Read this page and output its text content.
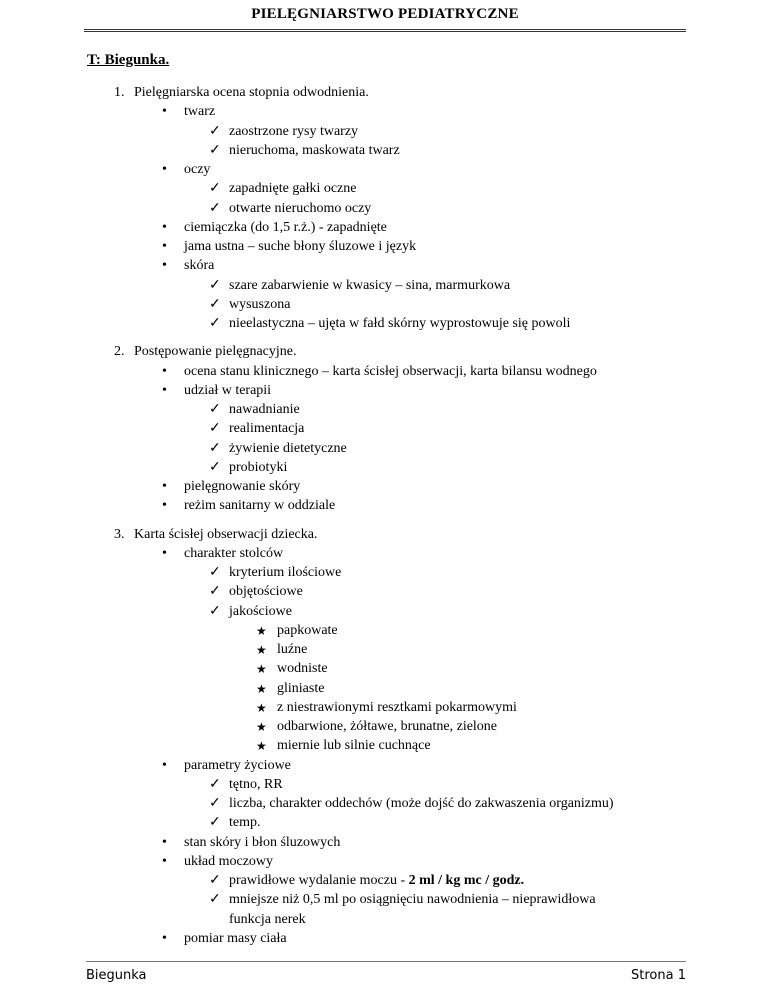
PIELĘGNIARSTWO PEDIATRYCZNE
T: Biegunka.
1. Pielęgniarska ocena stopnia odwodnienia.
• twarz
✓ zaostrzone rysy twarzy
✓ nieruchoma, maskowata twarz
• oczy
✓ zapadnięte gałki oczne
✓ otwarte nieruchomo oczy
• ciemiączka (do 1,5 r.ż.) - zapadnięte
• jama ustna – suche błony śluzowe i język
• skóra
✓ szare zabarwienie w kwasicy – sina, marmurkowa
✓ wysuszona
✓ nieelastyczna – ujęta w fałd skórny wyprostowuje się powoli
2. Postępowanie pielęgnacyjne.
• ocena stanu klinicznego – karta ścisłej obserwacji, karta bilansu wodnego
• udział w terapii
✓ nawadnianie
✓ realimentacja
✓ żywienie dietetyczne
✓ probiotyki
• pielęgnowanie skóry
• reżim sanitarny w oddziale
3. Karta ścisłej obserwacji dziecka.
• charakter stolców
✓ kryterium ilościowe
✓ objętościowe
✓ jakościowe
★ papkowate
★ luźne
★ wodniste
★ gliniaste
★ z niestrawionymi resztkami pokarmowymi
★ odbarwione, żółtawe, brunatne, zielone
★ miernie lub silnie cuchnące
• parametry życiowe
✓ tętno, RR
✓ liczba, charakter oddechów (może dojść do zakwaszenia organizmu)
✓ temp.
• stan skóry i błon śluzowych
• układ moczowy
✓ prawidłowe wydalanie moczu - 2 ml / kg mc / godz.
✓ mniejsze niż 0,5 ml po osiągnięciu nawodnienia – nieprawidłowa
funkcja nerek
• pomiar masy ciała
Biegunka	Strona 1
